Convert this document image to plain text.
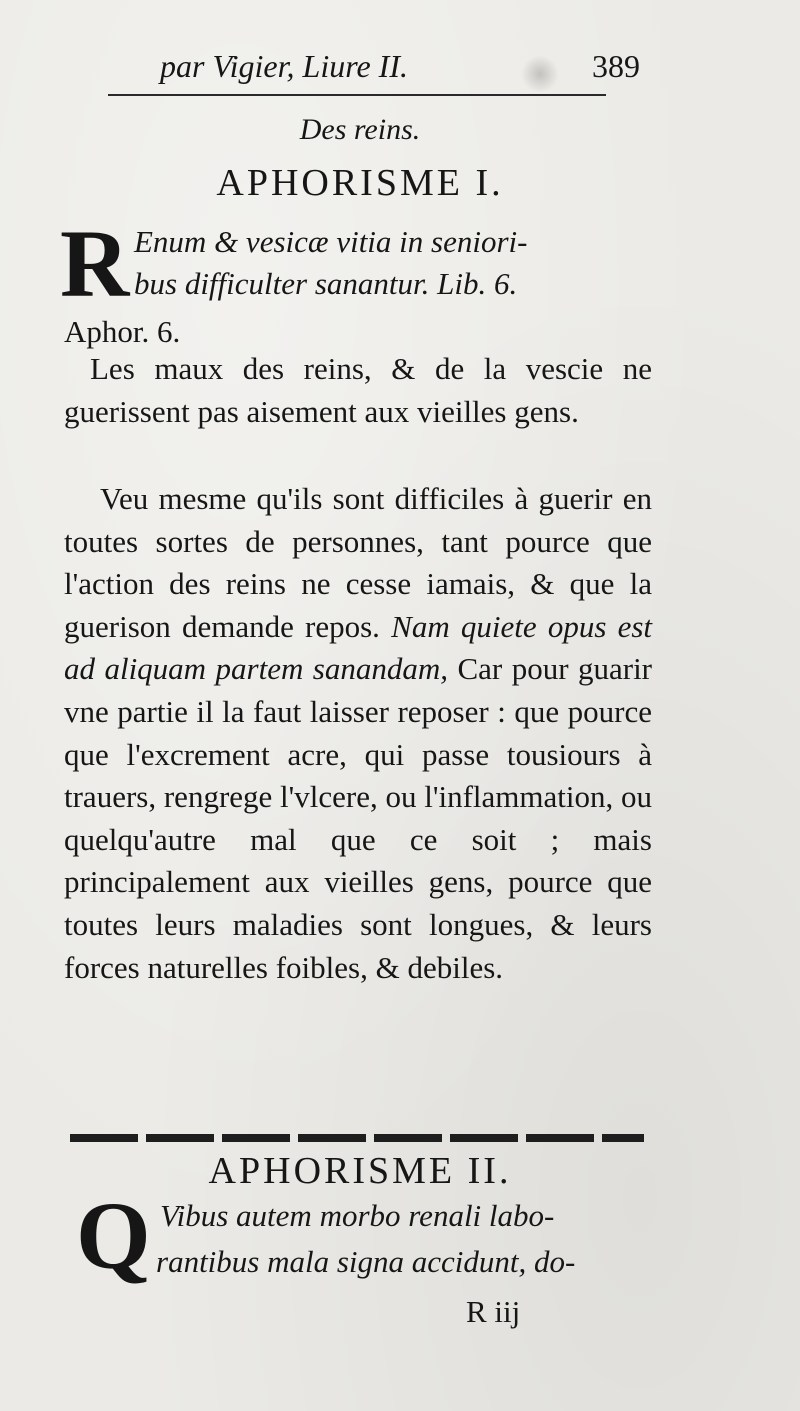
par Vigier, Liure II.	389
Des reins.
APHORISME I.
R Enum & vesicæ vitia in seniori-
bus difficulter sanantur. Lib. 6.
Aphor. 6.
Les maux des reins, & de la vescie ne guerissent pas aisement aux vieilles gens.
Veu mesme qu'ils sont difficiles à guerir en toutes sortes de personnes, tant pource que l'action des reins ne cesse iamais, & que la guerison demande repos. Nam quiete opus est ad aliquam partem sanandam, Car pour guarir vne partie il la faut laisser reposer : que pource que l'excrement acre, qui passe tousiours à trauers, rengrege l'vlcere, ou l'inflammation, ou quelqu'autre mal que ce soit ; mais principalement aux vieilles gens, pource que toutes leurs maladies sont longues, & leurs forces naturelles foibles, & debiles.
APHORISME II.
Q Vibus autem morbo renali labo-
rantibus mala signa accidunt, do-
R iij
